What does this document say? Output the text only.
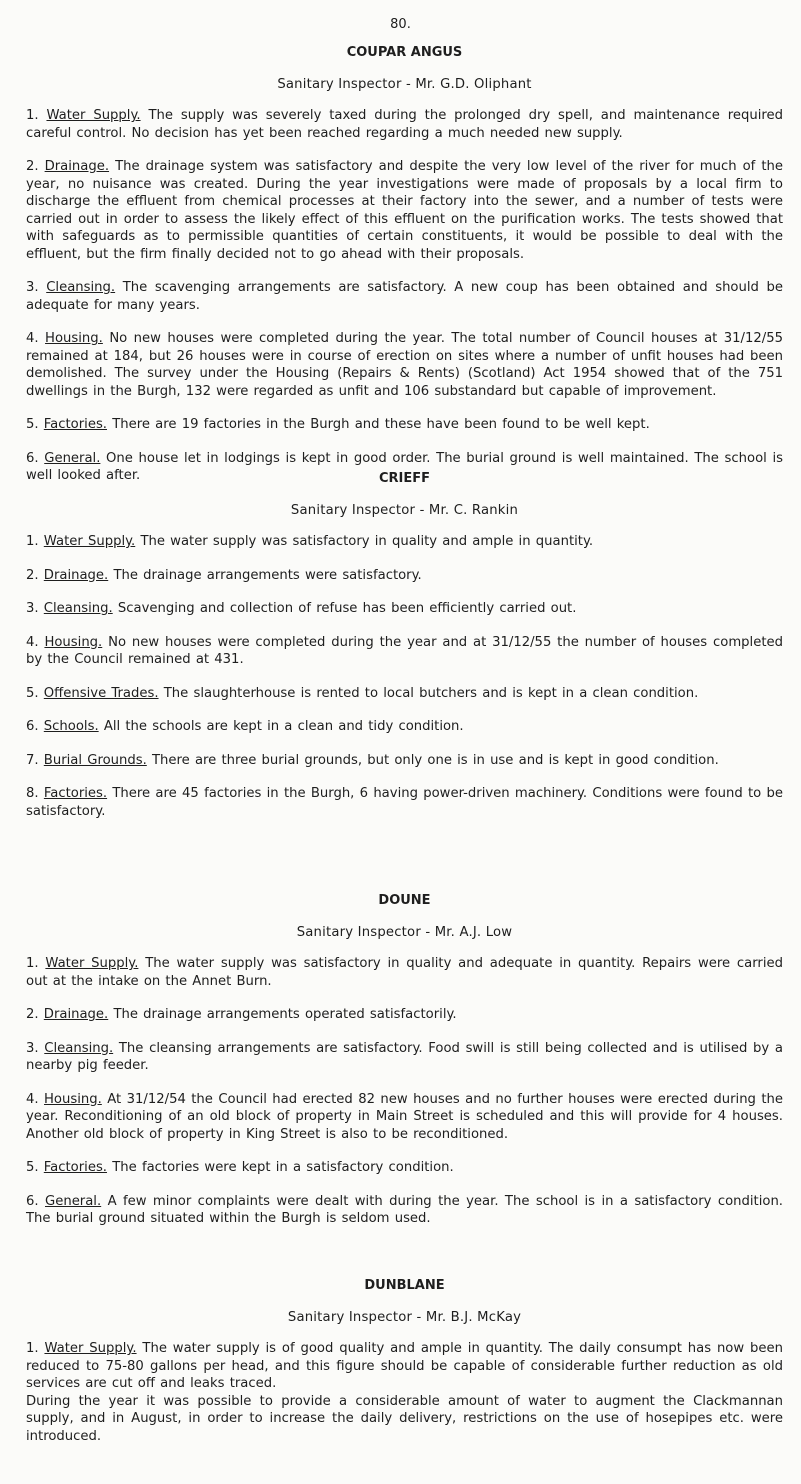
80.
COUPAR ANGUS
Sanitary Inspector - Mr. G.D. Oliphant

1. Water Supply. The supply was severely taxed during the prolonged dry spell, and maintenance required careful control. No decision has yet been reached regarding a much needed new supply.

2. Drainage. The drainage system was satisfactory and despite the very low level of the river for much of the year, no nuisance was created. During the year investigations were made of proposals by a local firm to discharge the effluent from chemical processes at their factory into the sewer, and a number of tests were carried out in order to assess the likely effect of this effluent on the purification works. The tests showed that with safeguards as to permissible quantities of certain constituents, it would be possible to deal with the effluent, but the firm finally decided not to go ahead with their proposals.

3. Cleansing. The scavenging arrangements are satisfactory. A new coup has been obtained and should be adequate for many years.

4. Housing. No new houses were completed during the year. The total number of Council houses at 31/12/55 remained at 184, but 26 houses were in course of erection on sites where a number of unfit houses had been demolished. The survey under the Housing (Repairs & Rents) (Scotland) Act 1954 showed that of the 751 dwellings in the Burgh, 132 were regarded as unfit and 106 substandard but capable of improvement.

5. Factories. There are 19 factories in the Burgh and these have been found to be well kept.

6. General. One house let in lodgings is kept in good order. The burial ground is well maintained. The school is well looked after.	CRIEFF
Sanitary Inspector - Mr. C. Rankin

1. Water Supply. The water supply was satisfactory in quality and ample in quantity.

2. Drainage. The drainage arrangements were satisfactory.

3. Cleansing. Scavenging and collection of refuse has been efficiently carried out.

4. Housing. No new houses were completed during the year and at 31/12/55 the number of houses completed by the Council remained at 431.

5. Offensive Trades. The slaughterhouse is rented to local butchers and is kept in a clean condition.

6. Schools. All the schools are kept in a clean and tidy condition.

7. Burial Grounds. There are three burial grounds, but only one is in use and is kept in good condition.

8. Factories. There are 45 factories in the Burgh, 6 having power-driven machinery. Conditions were found to be satisfactory.

DOUNE
Sanitary Inspector - Mr. A.J. Low

1. Water Supply. The water supply was satisfactory in quality and adequate in quantity. Repairs were carried out at the intake on the Annet Burn.

2. Drainage. The drainage arrangements operated satisfactorily.

3. Cleansing. The cleansing arrangements are satisfactory. Food swill is still being collected and is utilised by a nearby pig feeder.

4. Housing. At 31/12/54 the Council had erected 82 new houses and no further houses were erected during the year. Reconditioning of an old block of property in Main Street is scheduled and this will provide for 4 houses. Another old block of property in King Street is also to be reconditioned.

5. Factories. The factories were kept in a satisfactory condition.

6. General. A few minor complaints were dealt with during the year. The school is in a satisfactory condition. The burial ground situated within the Burgh is seldom used.

DUNBLANE
Sanitary Inspector - Mr. B.J. McKay

1. Water Supply. The water supply is of good quality and ample in quantity. The daily consumpt has now been reduced to 75-80 gallons per head, and this figure should be capable of considerable further reduction as old services are cut off and leaks traced.

During the year it was possible to provide a considerable amount of water to augment the Clackmannan supply, and in August, in order to increase the daily delivery, restrictions on the use of hosepipes etc. were introduced.
